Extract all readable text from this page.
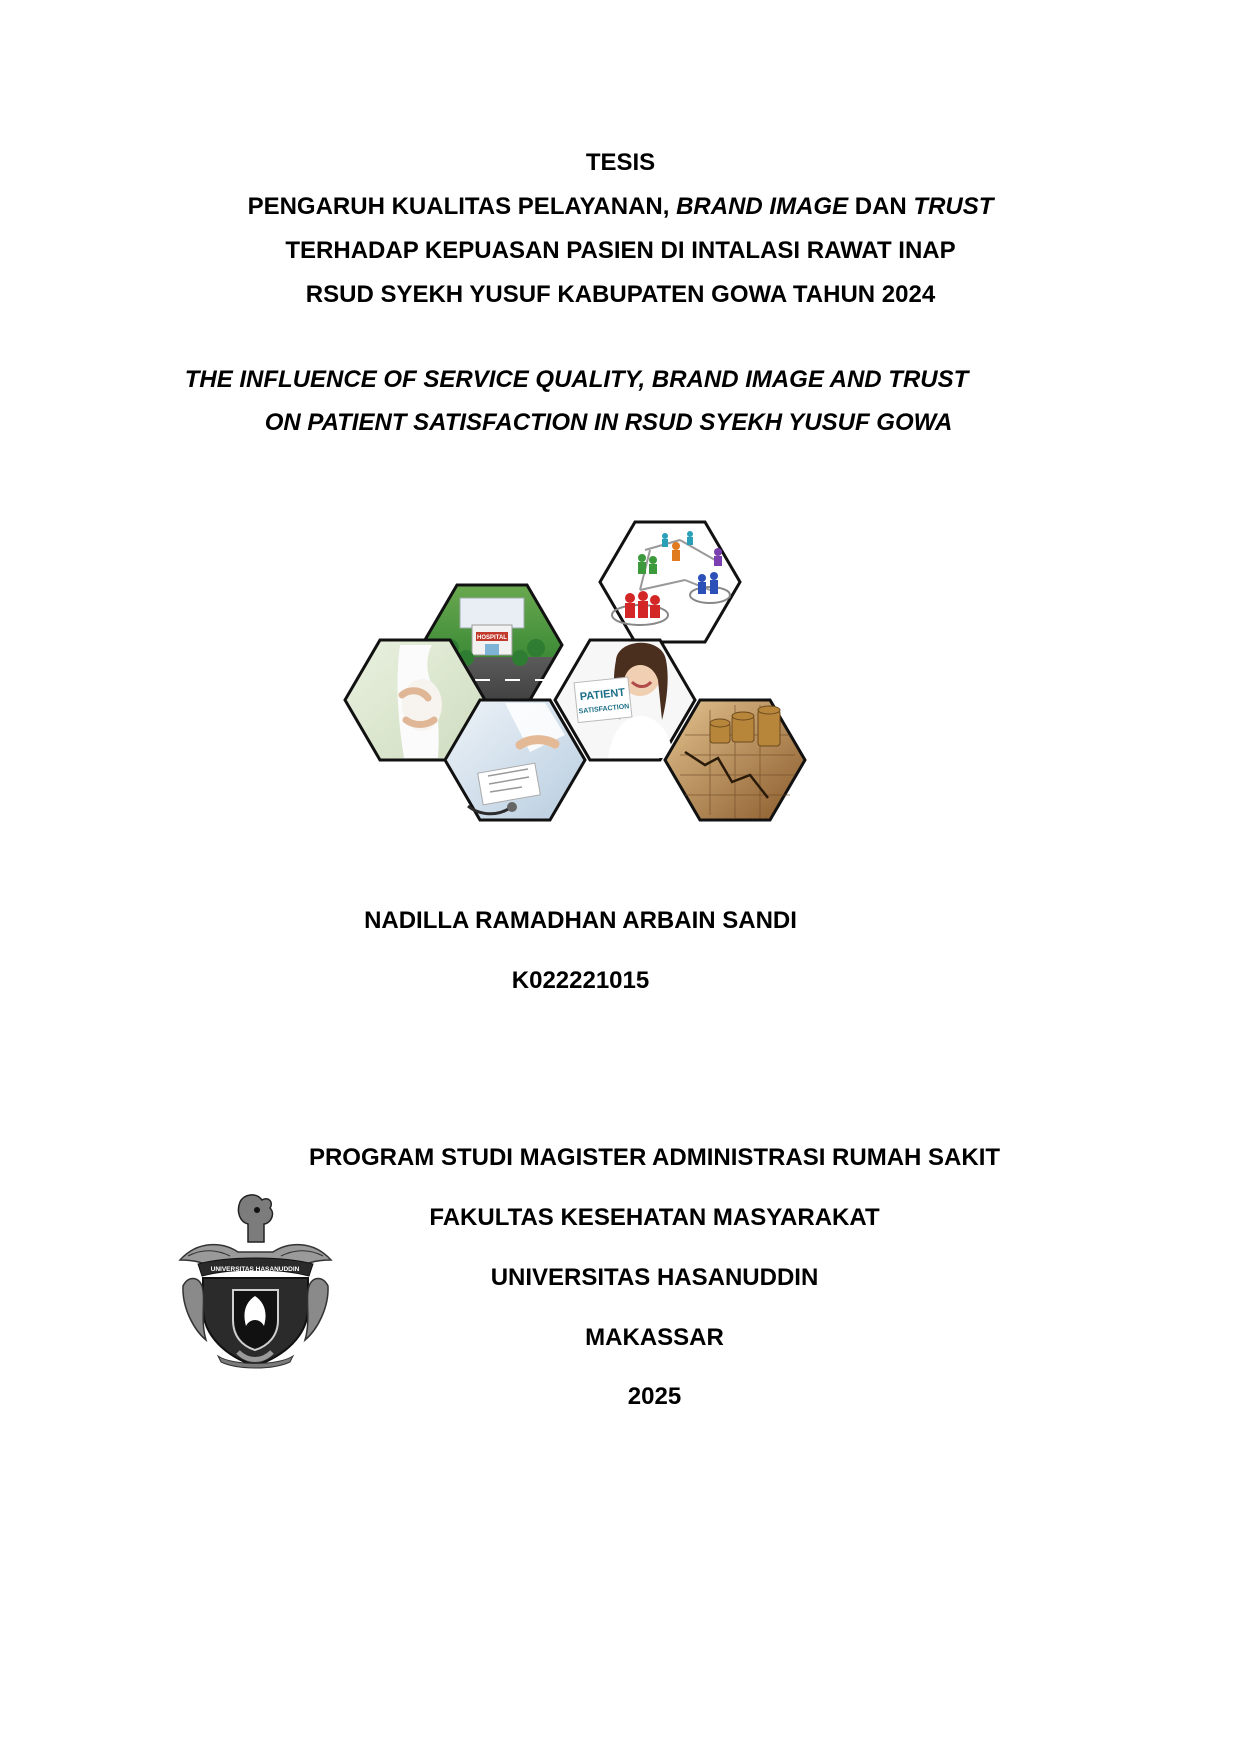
TESIS
PENGARUH KUALITAS PELAYANAN, BRAND IMAGE DAN TRUST
TERHADAP KEPUASAN PASIEN DI INTALASI RAWAT INAP
RSUD SYEKH YUSUF KABUPATEN GOWA TAHUN 2024
THE INFLUENCE OF SERVICE QUALITY, BRAND IMAGE AND TRUST
ON PATIENT SATISFACTION IN RSUD SYEKH YUSUF GOWA
HOSPITAL
PATIENT
SATISFACTION
NADILLA RAMADHAN ARBAIN SANDI
K022221015
UNIVERSITAS HASANUDDIN
PROGRAM STUDI MAGISTER ADMINISTRASI RUMAH SAKIT
FAKULTAS KESEHATAN MASYARAKAT
UNIVERSITAS HASANUDDIN
MAKASSAR
2025
